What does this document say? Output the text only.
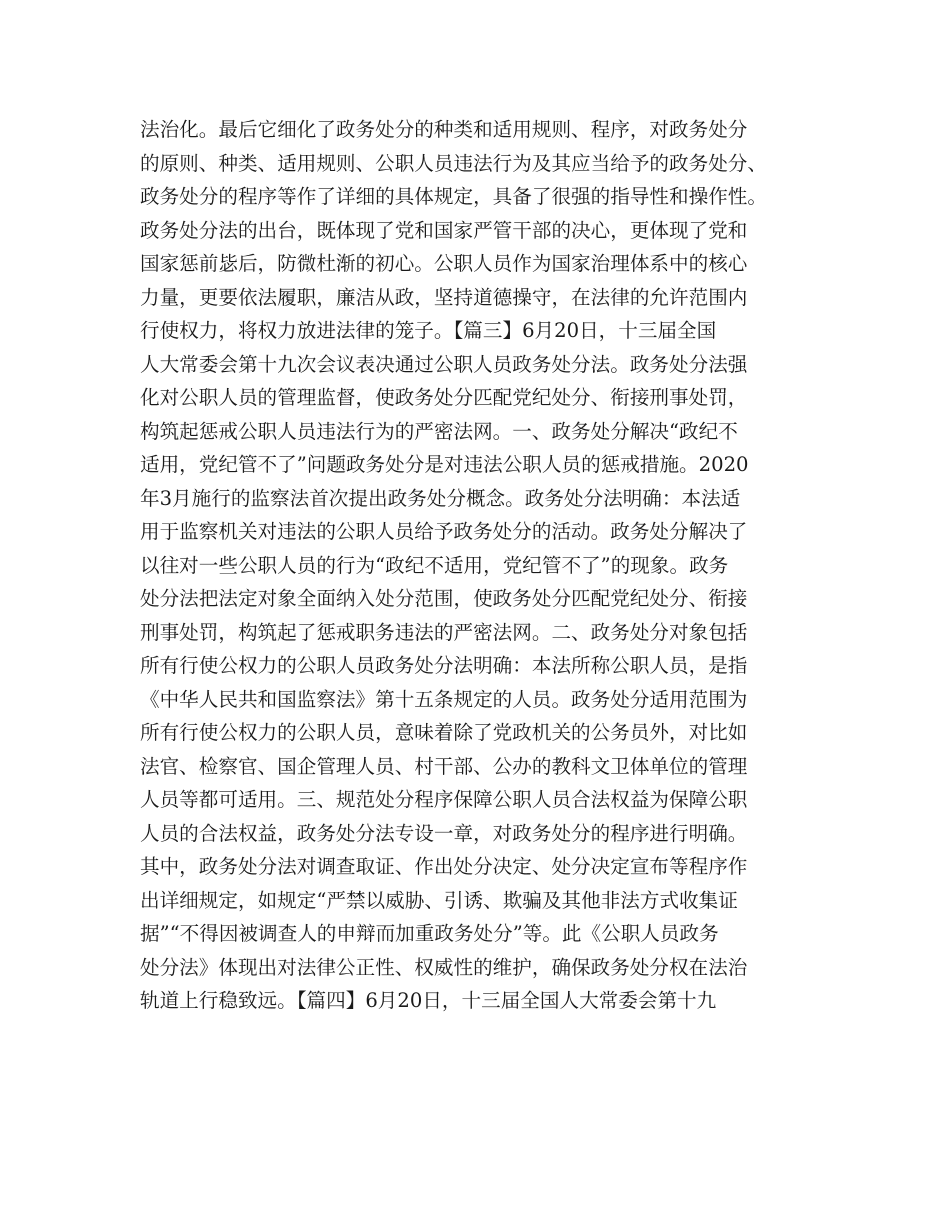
法治化。最后它细化了政务处分的种类和适用规则、程序，对政务处分
的原则、种类、适用规则、公职人员违法行为及其应当给予的政务处分、
政务处分的程序等作了详细的具体规定，具备了很强的指导性和操作性。
政务处分法的出台，既体现了党和国家严管干部的决心，更体现了党和
国家惩前毖后，防微杜渐的初心。公职人员作为国家治理体系中的核心
力量，更要依法履职，廉洁从政，坚持道德操守，在法律的允许范围内
行使权力，将权力放进法律的笼子。【篇三】6月20日，十三届全国
人大常委会第十九次会议表决通过公职人员政务处分法。政务处分法强
化对公职人员的管理监督，使政务处分匹配党纪处分、衔接刑事处罚，
构筑起惩戒公职人员违法行为的严密法网。一、政务处分解决“政纪不
适用，党纪管不了”问题政务处分是对违法公职人员的惩戒措施。2020
年3月施行的监察法首次提出政务处分概念。政务处分法明确：本法适
用于监察机关对违法的公职人员给予政务处分的活动。政务处分解决了
以往对一些公职人员的行为“政纪不适用，党纪管不了”的现象。政务
处分法把法定对象全面纳入处分范围，使政务处分匹配党纪处分、衔接
刑事处罚，构筑起了惩戒职务违法的严密法网。二、政务处分对象包括
所有行使公权力的公职人员政务处分法明确：本法所称公职人员，是指
《中华人民共和国监察法》第十五条规定的人员。政务处分适用范围为
所有行使公权力的公职人员，意味着除了党政机关的公务员外，对比如
法官、检察官、国企管理人员、村干部、公办的教科文卫体单位的管理
人员等都可适用。三、规范处分程序保障公职人员合法权益为保障公职
人员的合法权益，政务处分法专设一章，对政务处分的程序进行明确。
其中，政务处分法对调查取证、作出处分决定、处分决定宣布等程序作
出详细规定，如规定“严禁以威胁、引诱、欺骗及其他非法方式收集证
据”“不得因被调查人的申辩而加重政务处分”等。此《公职人员政务
处分法》体现出对法律公正性、权威性的维护，确保政务处分权在法治
轨道上行稳致远。【篇四】6月20日，十三届全国人大常委会第十九
